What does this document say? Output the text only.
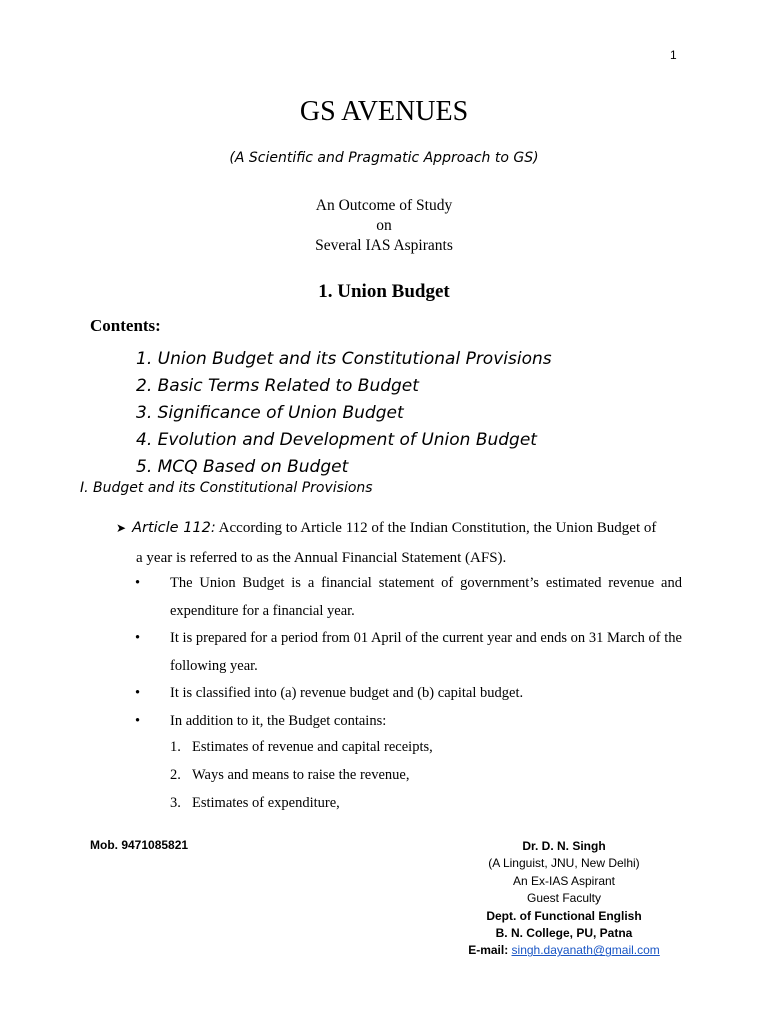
1
GS AVENUES
(A Scientific and Pragmatic Approach to GS)
An Outcome of Study
on
Several IAS Aspirants
1. Union Budget
Contents:
1. Union Budget and its Constitutional Provisions
2. Basic Terms Related to Budget
3. Significance of Union Budget
4. Evolution and Development of Union Budget
5. MCQ Based on Budget
I. Budget and its Constitutional Provisions
➤ Article 112: According to Article 112 of the Indian Constitution, the Union Budget of
a year is referred to as the Annual Financial Statement (AFS).
• The Union Budget is a financial statement of government’s estimated revenue and expenditure for a financial year.
• It is prepared for a period from 01 April of the current year and ends on 31 March of the following year.
• It is classified into (a) revenue budget and (b) capital budget.
• In addition to it, the Budget contains:
1. Estimates of revenue and capital receipts,
2. Ways and means to raise the revenue,
3. Estimates of expenditure,
Mob. 9471085821	Dr. D. N. Singh
(A Linguist, JNU, New Delhi)
An Ex-IAS Aspirant
Guest Faculty
Dept. of Functional English
B. N. College, PU, Patna
E-mail: singh.dayanath@gmail.com
